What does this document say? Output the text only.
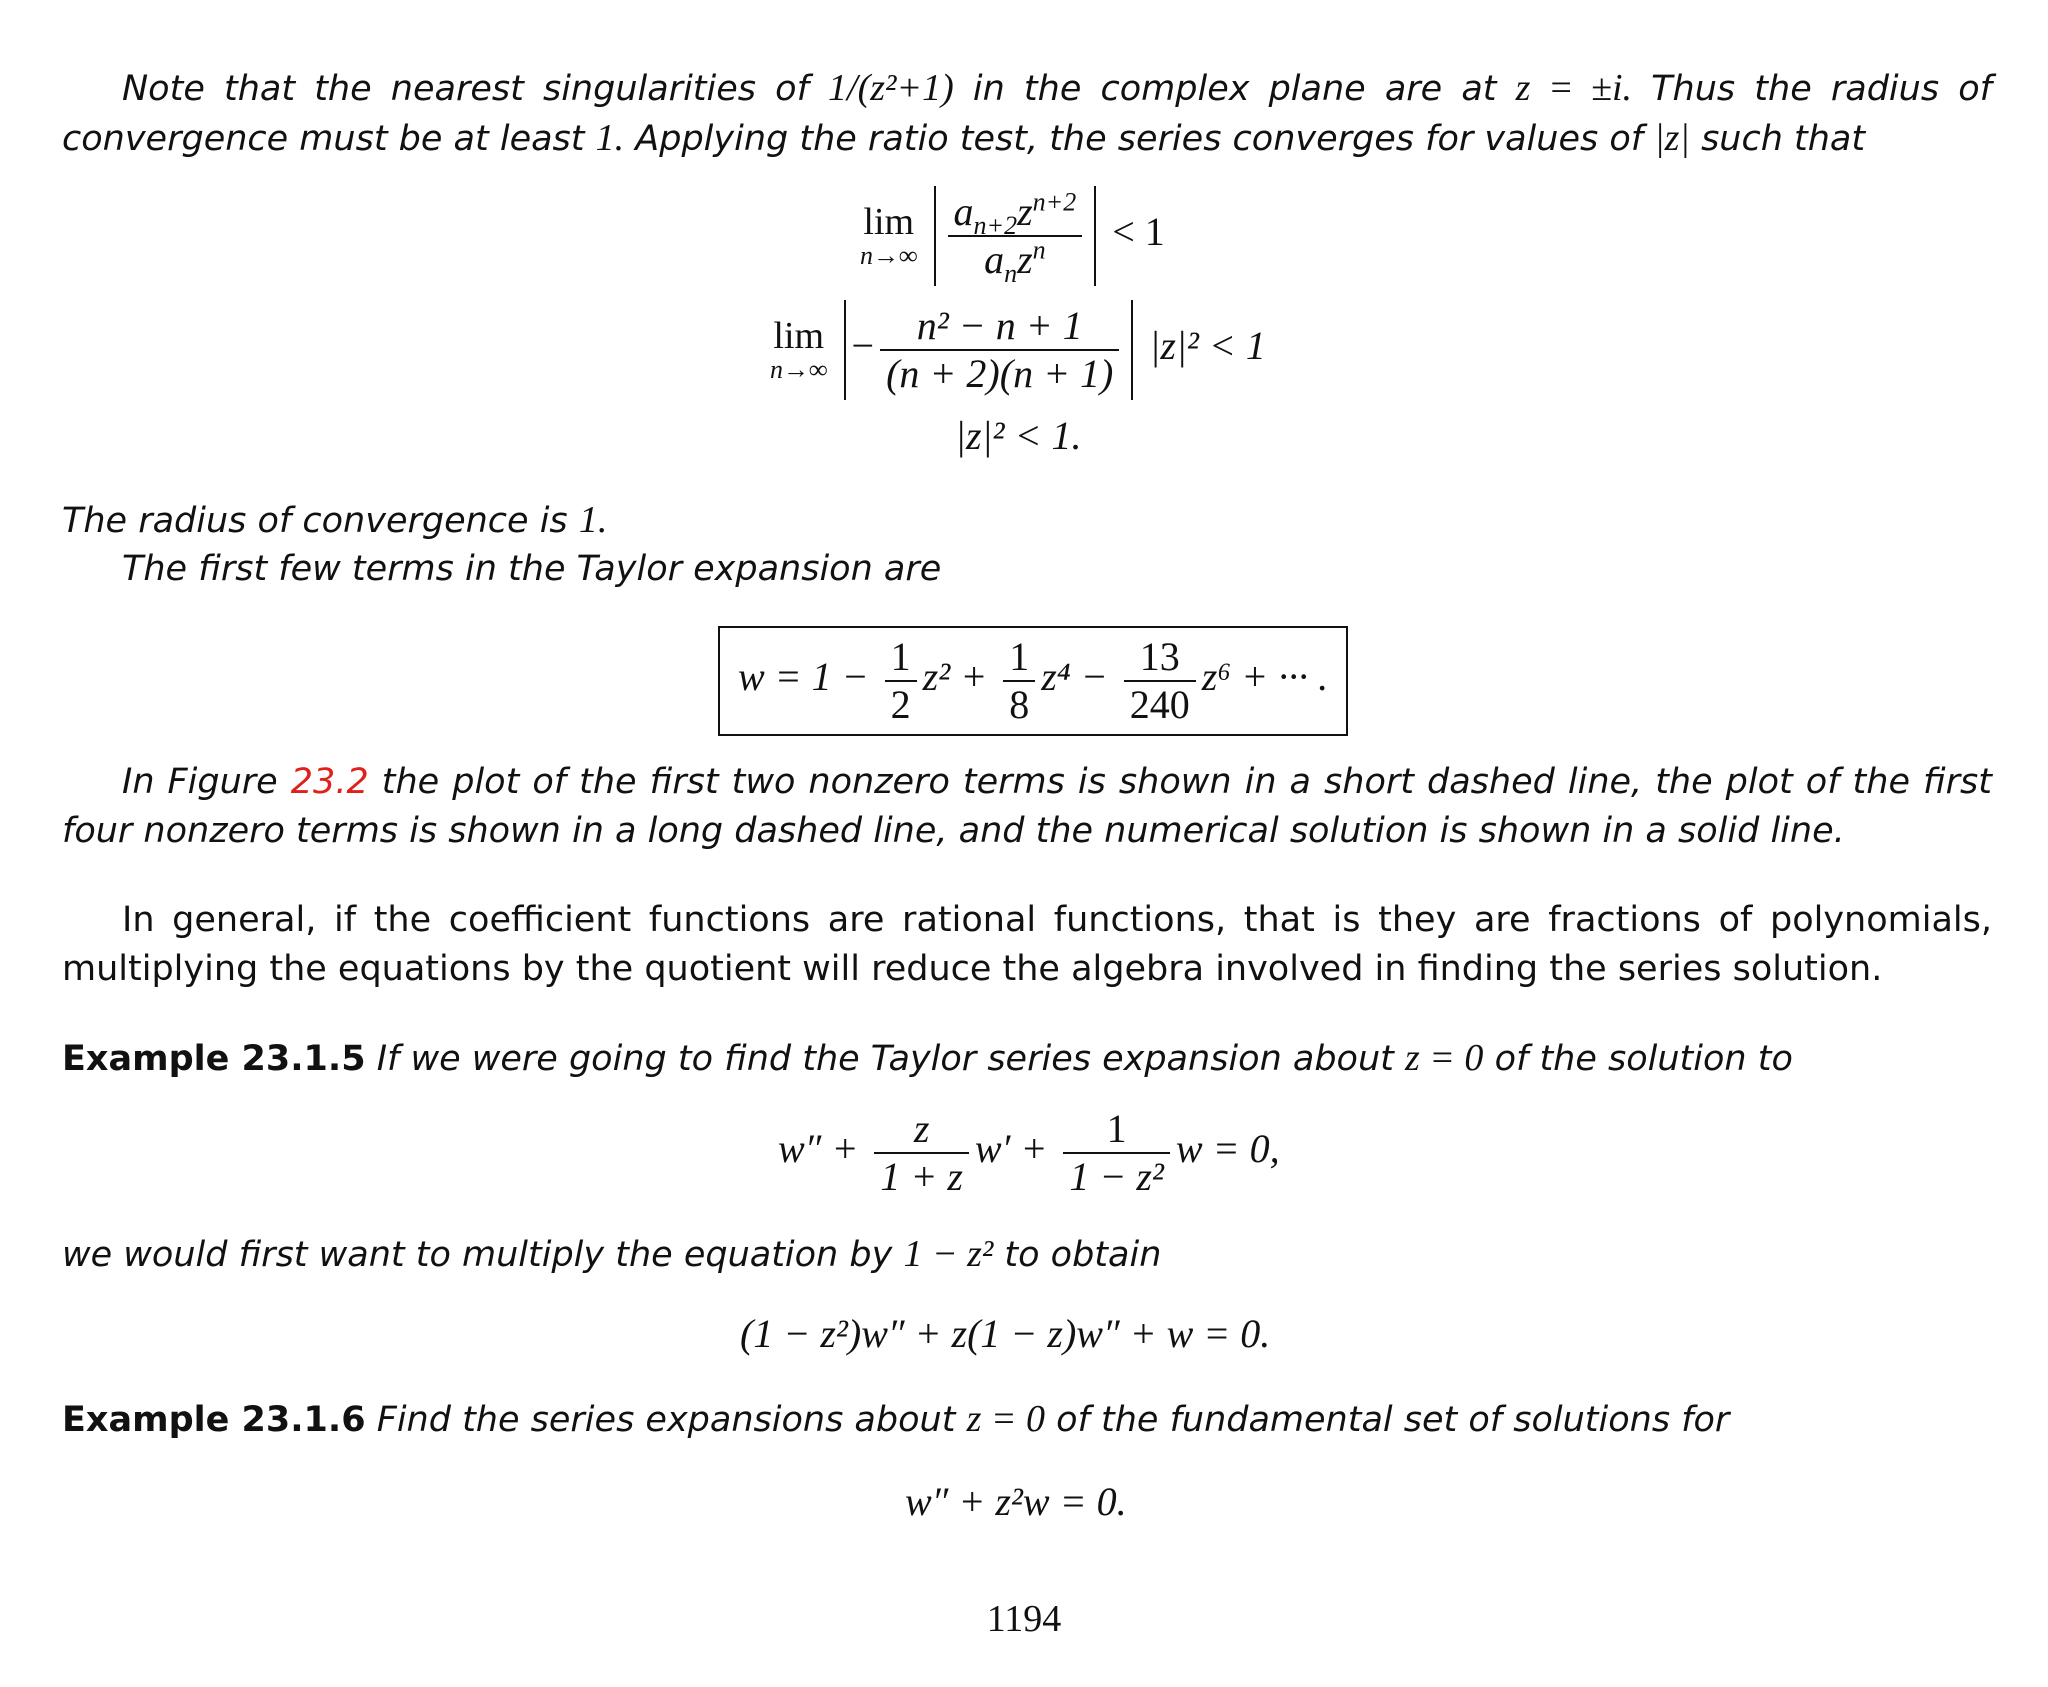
Note that the nearest singularities of 1/(z²+1) in the complex plane are at z = ±i. Thus the radius of convergence must be at least 1. Applying the ratio test, the series converges for values of |z| such that
lim
$n\to\infty \frac{a_{n+2}z^{n+2}}{a_nz^n} < 1$
lim
n→∞
− $\frac{\text{n² − n + 1}}{(n + 2)(n + 1)} |z|^2 < 1$
|z|² < 1.
The radius of convergence is 1.
The first few terms in the Taylor expansion are
$w = 1 - \frac{1}{2} z^2 + \frac{1}{8} z^4 - \frac{13}{240} z^6$ + ··· .
In Figure 23.2 the plot of the first two nonzero terms is shown in a short dashed line, the plot of the first four nonzero terms is shown in a long dashed line, and the numerical solution is shown in a solid line.
In general, if the coefficient functions are rational functions, that is they are fractions of polynomials, multiplying the equations by the quotient will reduce the algebra involved in finding the series solution.
Example 23.1.5 If we were going to find the Taylor series expansion about z = 0 of the solution to
$w'' + \frac{z}{1 + z} w' + \frac{1}{\text{1 − z²}}$ w = 0,
we would first want to multiply the equation by 1 − z² to obtain
(1 − z²)w″ + z(1 − z)w″ + w = 0.
Example 23.1.6 Find the series expansions about z = 0 of the fundamental set of solutions for
w″ + z²w = 0.
1194
